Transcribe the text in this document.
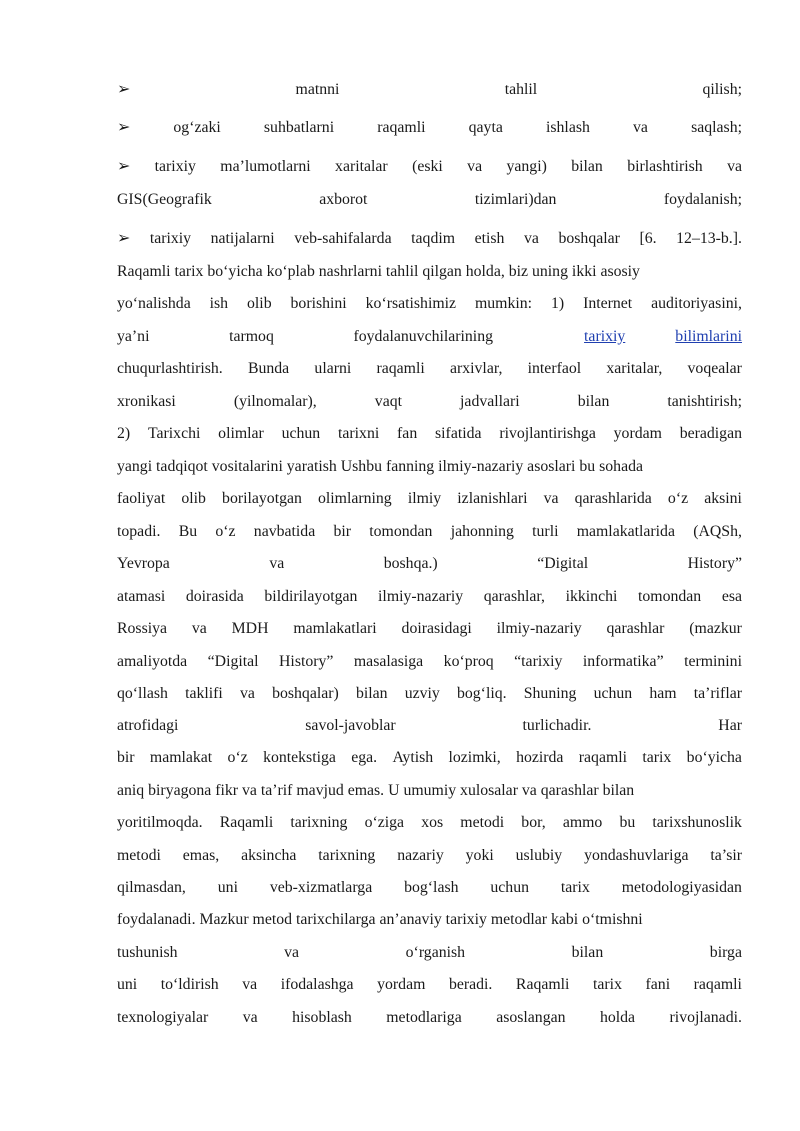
➢	matnni	tahlil	qilish;
➢	og‘zaki	suhbatlarni	raqamli	qayta	ishlash	va	saqlash;
➢ tarixiy ma’lumotlarni xaritalar (eski va yangi) bilan birlashtirish va
GIS(Geografik	axborot	tizimlari)dan	foydalanish;
➢ tarixiy natijalarni veb-sahifalarda taqdim etish va boshqalar [6. 12–13-b.].
Raqamli tarix bo‘yicha ko‘plab nashrlarni tahlil qilgan holda, biz uning ikki asosiy
yo‘nalishda ish olib borishini ko‘rsatishimiz mumkin: 1) Internet auditoriyasini,
ya’ni	tarmoq	foydalanuvchilarining	tarixiy	bilimlarini
chuqurlashtirish. Bunda ularni raqamli arxivlar, interfaol xaritalar, voqealar
xronikasi	(yilnomalar),	vaqt	jadvallari	bilan	tanishtirish;
2) Tarixchi olimlar uchun tarixni fan sifatida rivojlantirishga yordam beradigan
yangi tadqiqot vositalarini yaratish Ushbu fanning ilmiy-nazariy asoslari bu sohada
faoliyat olib borilayotgan olimlarning ilmiy izlanishlari va qarashlarida o‘z aksini
topadi. Bu o‘z navbatida bir tomondan jahonning turli mamlakatlarida (AQSh,
Yevropa	va	boshqa.)	“Digital	History”
atamasi doirasida bildirilayotgan ilmiy-nazariy qarashlar, ikkinchi tomondan esa
Rossiya va MDH mamlakatlari doirasidagi ilmiy-nazariy qarashlar (mazkur
amaliyotda “Digital History” masalasiga ko‘proq “tarixiy informatika” terminini
qo‘llash taklifi va boshqalar) bilan uzviy bog‘liq. Shuning uchun ham ta’riflar
atrofidagi	savol-javoblar	turlichadir.	Har
bir mamlakat o‘z kontekstiga ega. Aytish lozimki, hozirda raqamli tarix bo‘yicha
aniq biryagona fikr va ta’rif mavjud emas. U umumiy xulosalar va qarashlar bilan
yoritilmoqda. Raqamli tarixning o‘ziga xos metodi bor, ammo bu tarixshunoslik
metodi emas, aksincha tarixning nazariy yoki uslubiy yondashuvlariga ta’sir
qilmasdan, uni veb-xizmatlarga bog‘lash uchun tarix metodologiyasidan
foydalanadi. Mazkur metod tarixchilarga an’anaviy tarixiy metodlar kabi o‘tmishni
tushunish	va	o‘rganish	bilan	birga
uni to‘ldirish va ifodalashga yordam beradi. Raqamli tarix fani raqamli
texnologiyalar va hisoblash metodlariga asoslangan holda rivojlanadi.
